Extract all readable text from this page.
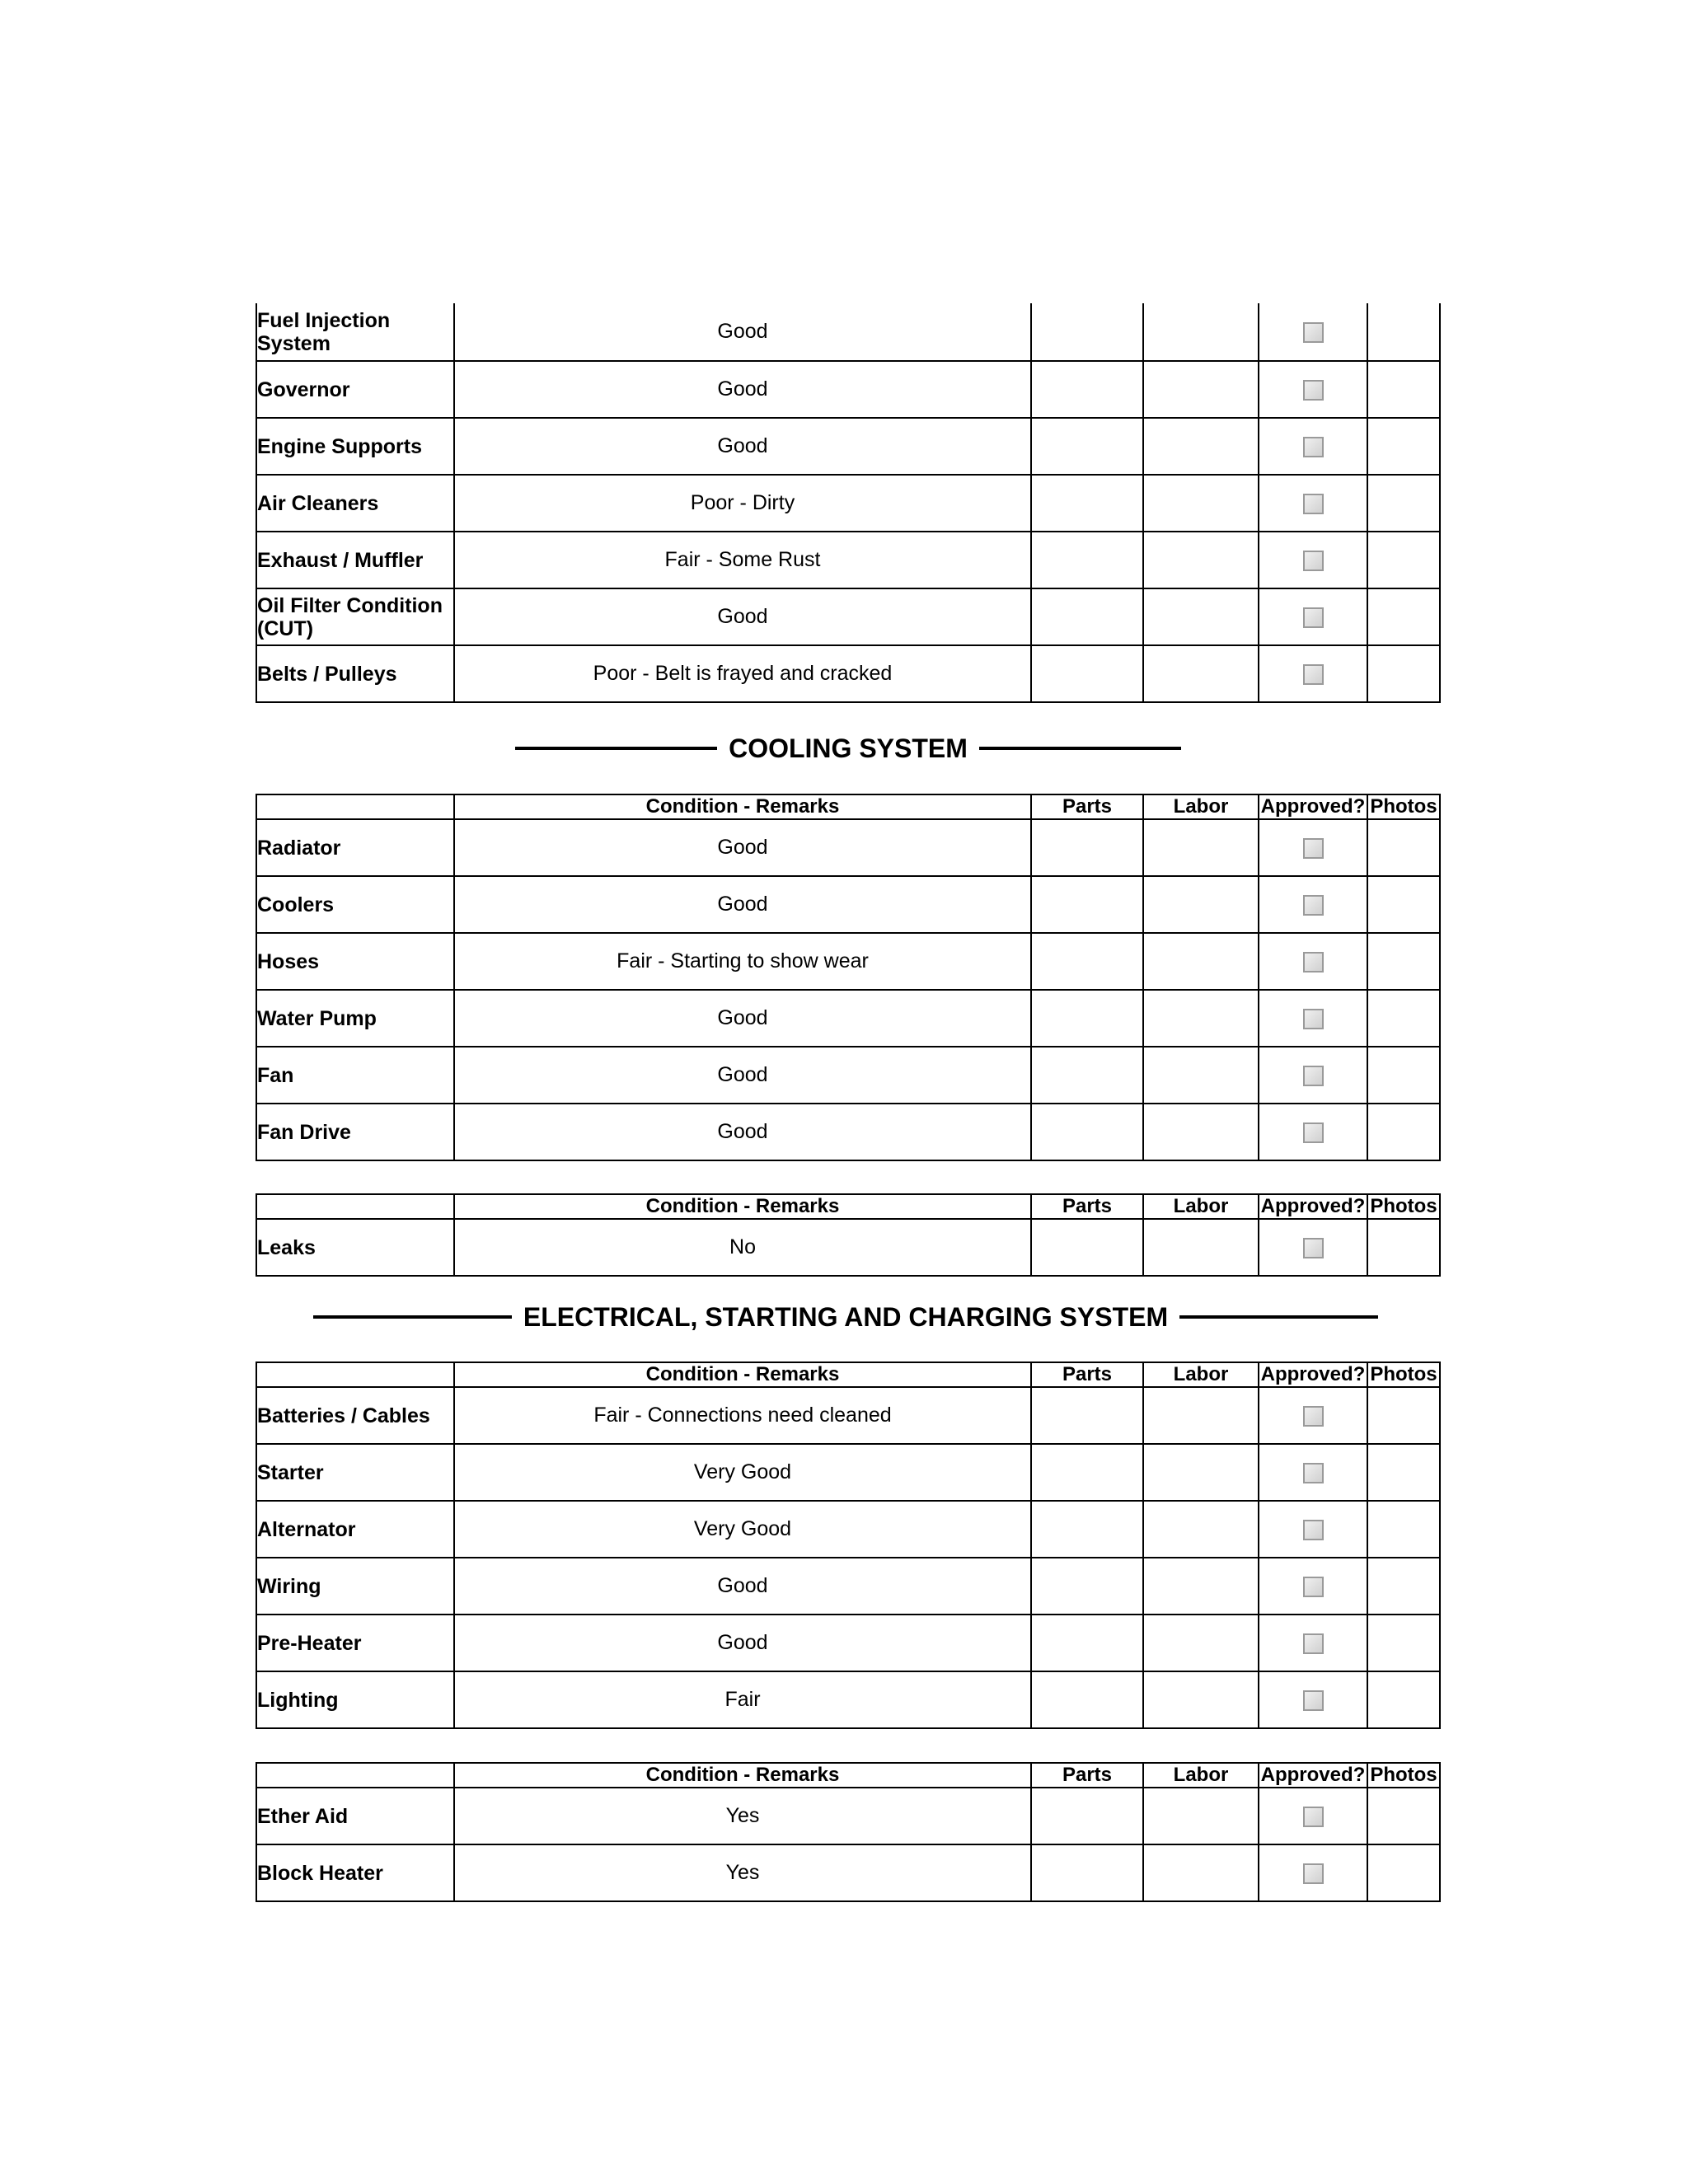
Fuel Injection System	Good				
Governor	Good				
Engine Supports	Good				
Air Cleaners	Poor - Dirty				
Exhaust / Muffler	Fair - Some Rust				
Oil Filter Condition (CUT)	Good				
Belts / Pulleys	Poor - Belt is frayed and cracked				
COOLING SYSTEM
	Condition - Remarks	Parts	Labor	Approved?	Photos
Radiator	Good				
Coolers	Good				
Hoses	Fair - Starting to show wear				
Water Pump	Good				
Fan	Good				
Fan Drive	Good				
	Condition - Remarks	Parts	Labor	Approved?	Photos
Leaks	No				
ELECTRICAL, STARTING AND CHARGING SYSTEM
	Condition - Remarks	Parts	Labor	Approved?	Photos
Batteries / Cables	Fair - Connections need cleaned				
Starter	Very Good				
Alternator	Very Good				
Wiring	Good				
Pre-Heater	Good				
Lighting	Fair				
	Condition - Remarks	Parts	Labor	Approved?	Photos
Ether Aid	Yes				
Block Heater	Yes				
